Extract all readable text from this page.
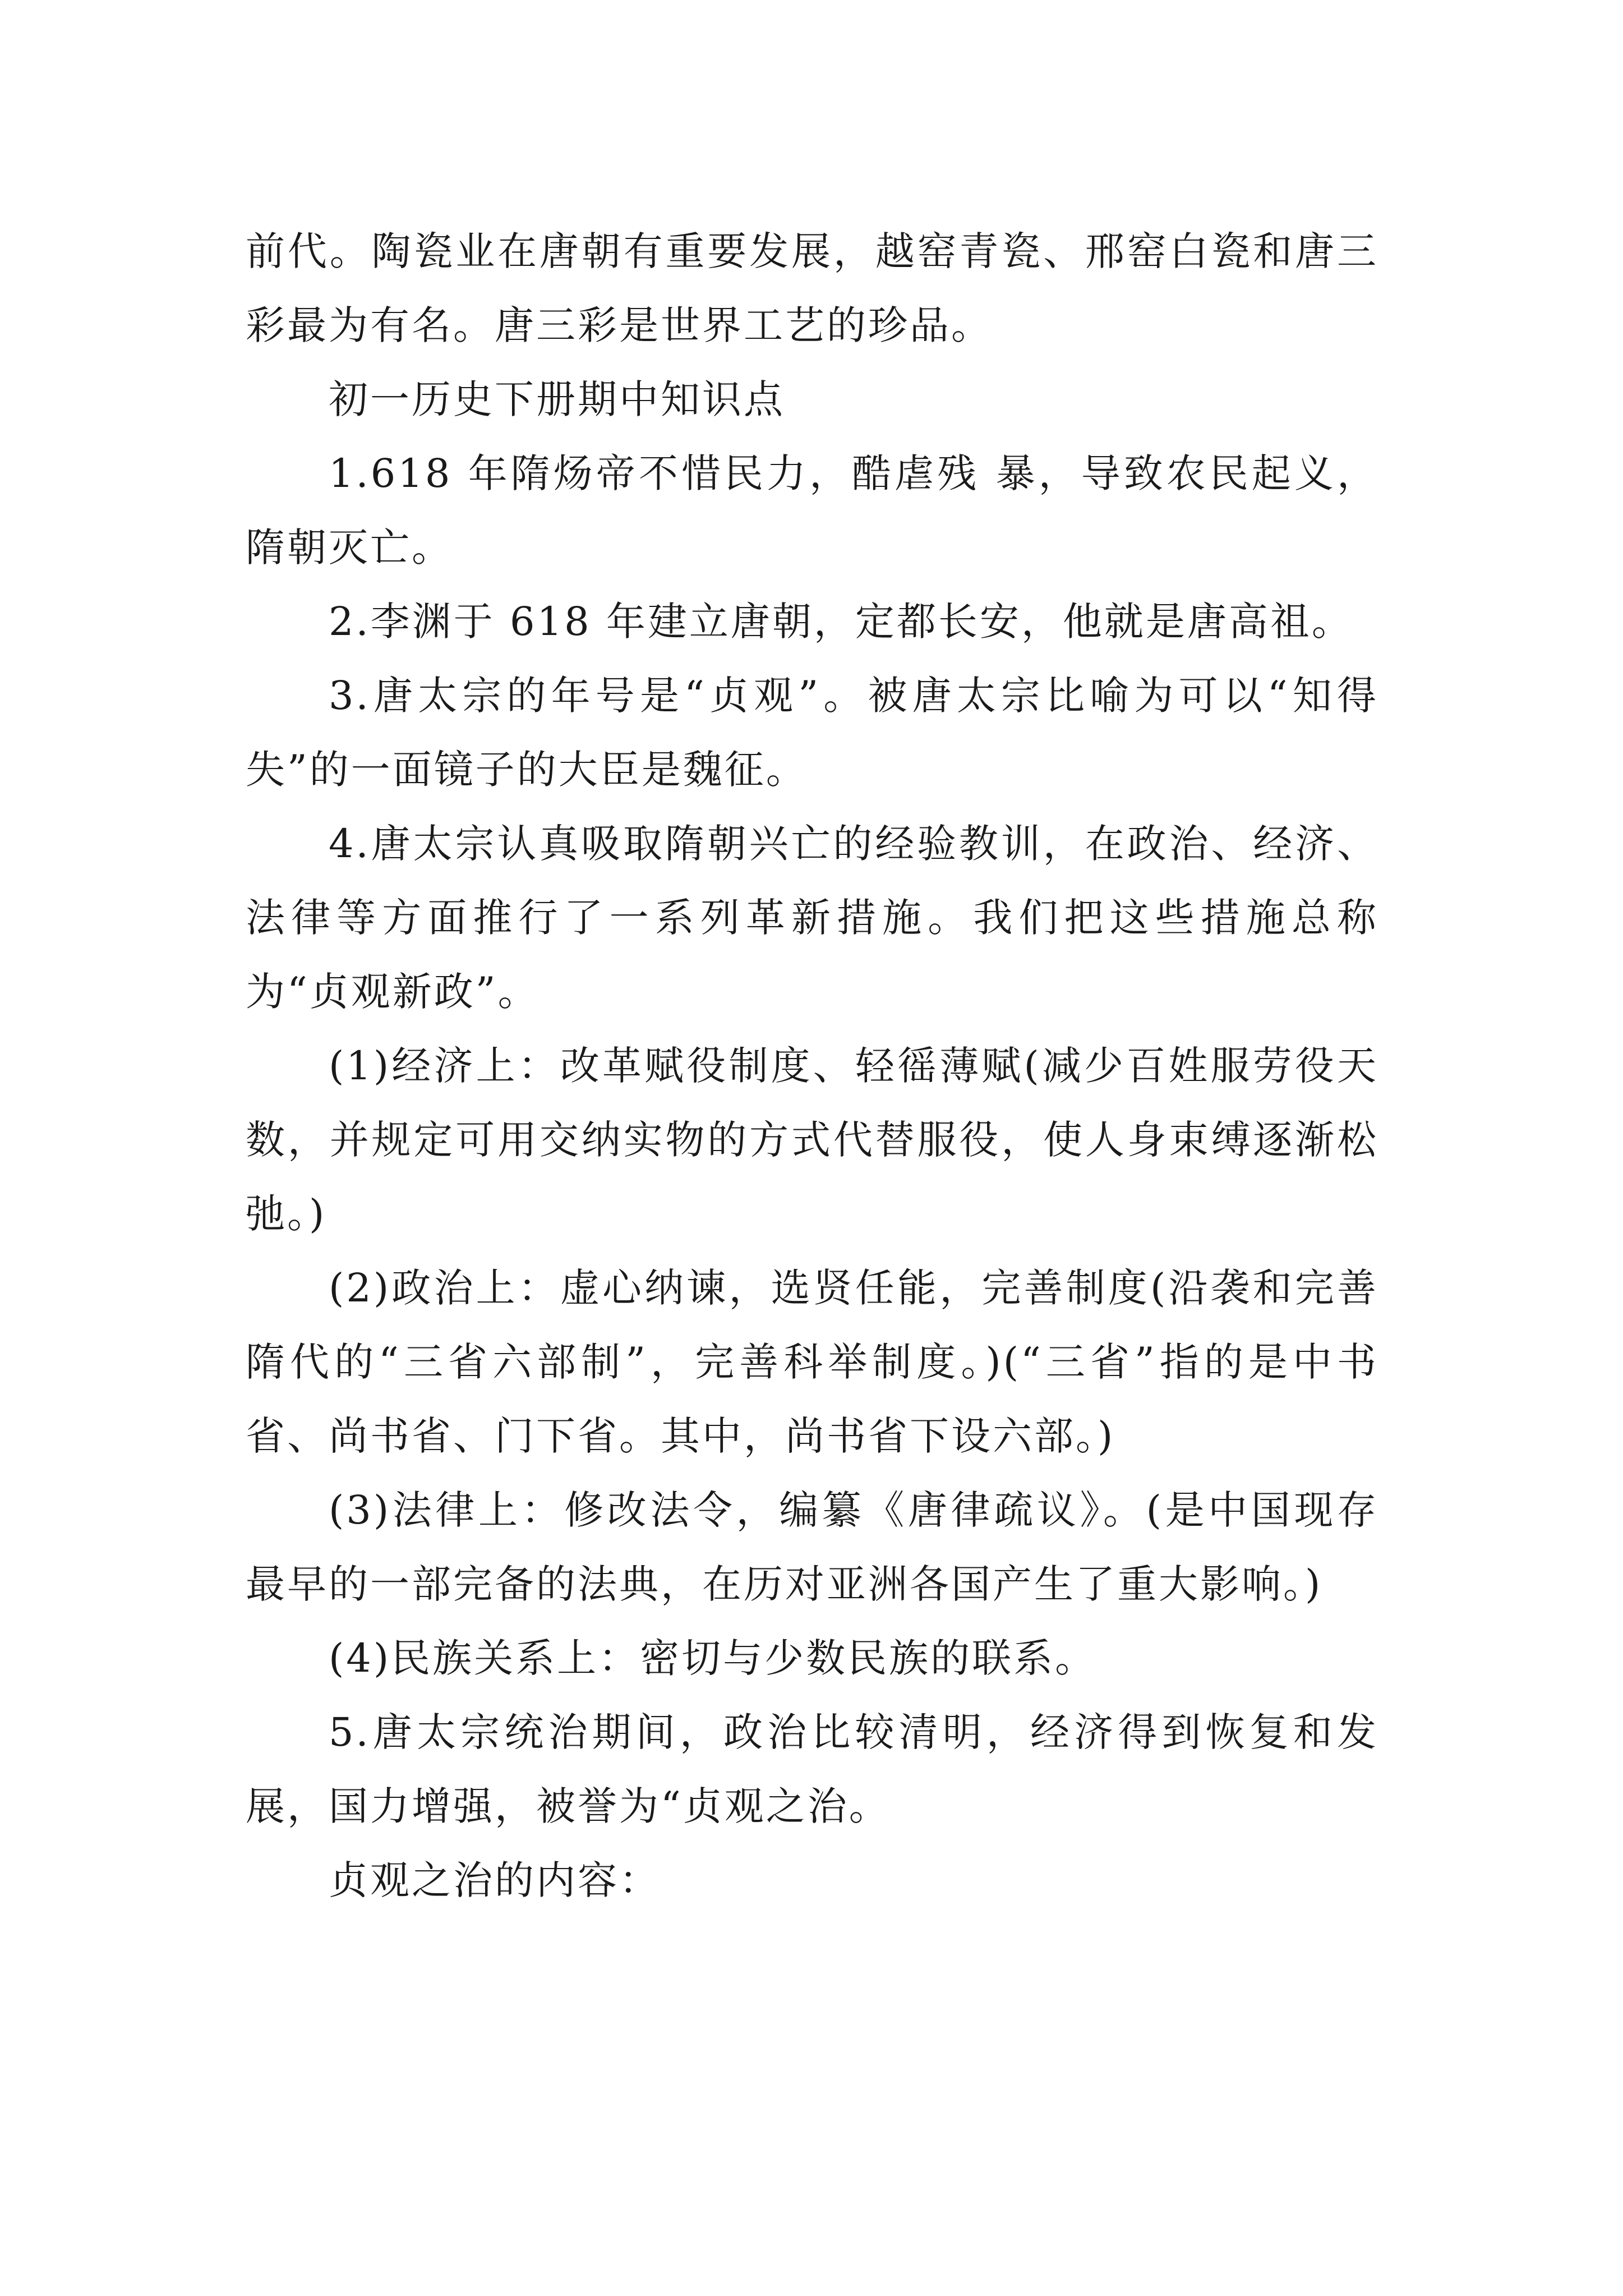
前代。陶瓷业在唐朝有重要发展，越窑青瓷、邢窑白瓷和唐三彩最为有名。唐三彩是世界工艺的珍品。

初一历史下册期中知识点

1.618 年隋炀帝不惜民力，酷虐残 暴，导致农民起义，隋朝灭亡。

2.李渊于 618 年建立唐朝，定都长安，他就是唐高祖。

3.唐太宗的年号是“贞观”。被唐太宗比喻为可以“知得失”的一面镜子的大臣是魏征。

4.唐太宗认真吸取隋朝兴亡的经验教训，在政治、经济、法律等方面推行了一系列革新措施。我们把这些措施总称为“贞观新政”。

(1)经济上：改革赋役制度、轻徭薄赋(减少百姓服劳役天数，并规定可用交纳实物的方式代替服役，使人身束缚逐渐松弛。)

(2)政治上：虚心纳谏，选贤任能，完善制度(沿袭和完善隋代的“三省六部制”，完善科举制度。)(“三省”指的是中书省、尚书省、门下省。其中，尚书省下设六部。)

(3)法律上：修改法令，编纂《唐律疏议》。(是中国现存最早的一部完备的法典，在历对亚洲各国产生了重大影响。)

(4)民族关系上：密切与少数民族的联系。

5.唐太宗统治期间，政治比较清明，经济得到恢复和发展，国力增强，被誉为“贞观之治。

贞观之治的内容：
